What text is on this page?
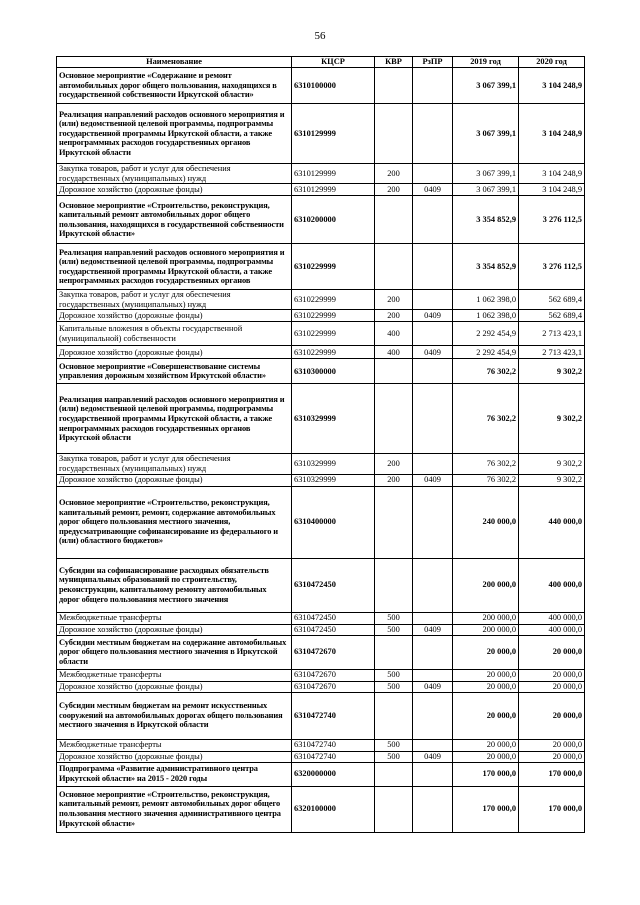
56
Наименование	КЦСР	КВР	РзПР	2019 год	2020 год
Основное мероприятие «Содержание и ремонт автомобильных дорог общего пользования, находящихся в государственной собственности Иркутской области»	6310100000			3 067 399,1	3 104 248,9
Реализация направлений расходов основного мероприятия и (или) ведомственной целевой программы, подпрограммы государственной программы Иркутской области, а также непрограммных расходов государственных органов Иркутской области	6310129999			3 067 399,1	3 104 248,9
Закупка товаров, работ и услуг для обеспечения государственных (муниципальных) нужд	6310129999	200		3 067 399,1	3 104 248,9
Дорожное хозяйство (дорожные фонды)	6310129999	200	0409	3 067 399,1	3 104 248,9
Основное мероприятие «Строительство, реконструкция, капитальный ремонт автомобильных дорог общего пользования, находящихся в государственной собственности Иркутской области»	6310200000			3 354 852,9	3 276 112,5
Реализация направлений расходов основного мероприятия и (или) ведомственной целевой программы, подпрограммы государственной программы Иркутской области, а также непрограммных расходов государственных органов	6310229999			3 354 852,9	3 276 112,5
Закупка товаров, работ и услуг для обеспечения государственных (муниципальных) нужд	6310229999	200		1 062 398,0	562 689,4
Дорожное хозяйство (дорожные фонды)	6310229999	200	0409	1 062 398,0	562 689,4
Капитальные вложения в объекты государственной (муниципальной) собственности	6310229999	400		2 292 454,9	2 713 423,1
Дорожное хозяйство (дорожные фонды)	6310229999	400	0409	2 292 454,9	2 713 423,1
Основное мероприятие «Совершенствование системы управления дорожным хозяйством Иркутской области»	6310300000			76 302,2	9 302,2
Реализация направлений расходов основного мероприятия и (или) ведомственной целевой программы, подпрограммы государственной программы Иркутской области, а также непрограммных расходов государственных органов Иркутской области	6310329999			76 302,2	9 302,2
Закупка товаров, работ и услуг для обеспечения государственных (муниципальных) нужд	6310329999	200		76 302,2	9 302,2
Дорожное хозяйство (дорожные фонды)	6310329999	200	0409	76 302,2	9 302,2
Основное мероприятие «Строительство, реконструкция, капитальный ремонт, ремонт, содержание автомобильных дорог общего пользования местного значения, предусматривающие софинансирование из федерального и (или) областного бюджетов»	6310400000			240 000,0	440 000,0
Субсидии на софинансирование расходных обязательств муниципальных образований по строительству, реконструкции, капитальному ремонту автомобильных дорог общего пользования местного значения	6310472450			200 000,0	400 000,0
Межбюджетные трансферты	6310472450	500		200 000,0	400 000,0
Дорожное хозяйство (дорожные фонды)	6310472450	500	0409	200 000,0	400 000,0
Субсидии местным бюджетам на содержание автомобильных дорог общего пользования местного значения в Иркутской области	6310472670			20 000,0	20 000,0
Межбюджетные трансферты	6310472670	500		20 000,0	20 000,0
Дорожное хозяйство (дорожные фонды)	6310472670	500	0409	20 000,0	20 000,0
Субсидии местным бюджетам на ремонт искусственных сооружений на автомобильных дорогах общего пользования местного значения в Иркутской области	6310472740			20 000,0	20 000,0
Межбюджетные трансферты	6310472740	500		20 000,0	20 000,0
Дорожное хозяйство (дорожные фонды)	6310472740	500	0409	20 000,0	20 000,0
Подпрограмма «Развитие административного центра Иркутской области» на 2015 - 2020 годы	6320000000			170 000,0	170 000,0
Основное мероприятие «Строительство, реконструкция, капитальный ремонт, ремонт автомобильных дорог общего пользования местного значения административного центра Иркутской области»	6320100000			170 000,0	170 000,0
